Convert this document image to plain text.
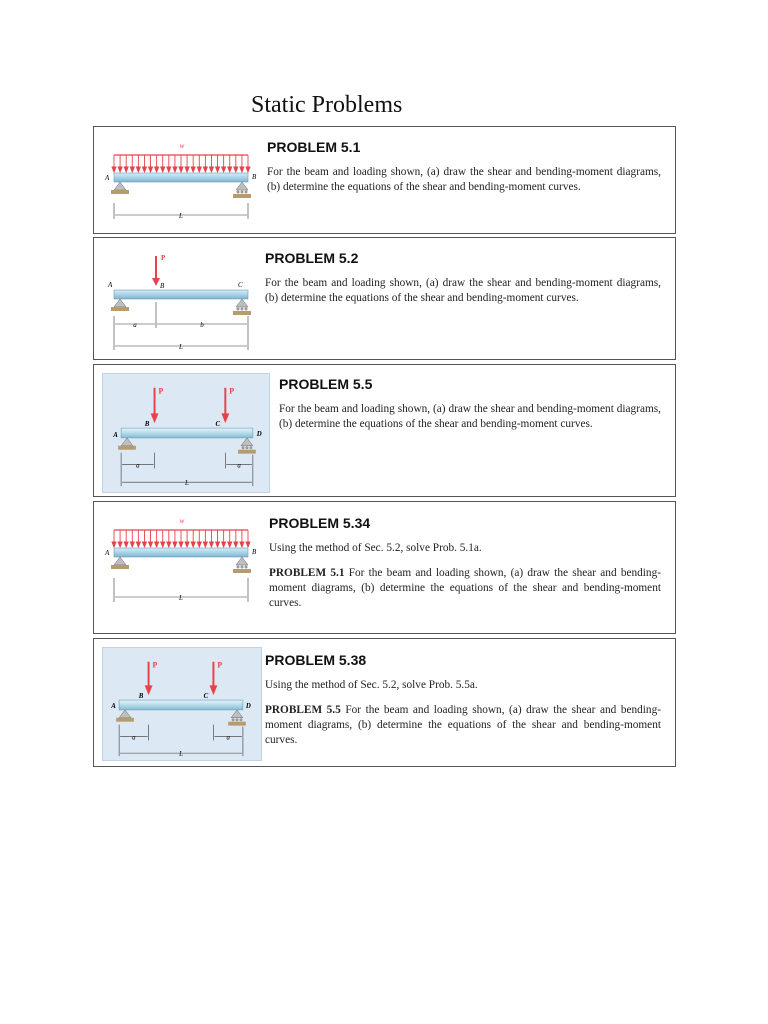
Static Problems
w
A	B
L
PROBLEM 5.1
For the beam and loading shown, (a) draw the shear and bending-moment diagrams, (b) determine the equations of the shear and bending-moment curves.
P
A	B	C
a	b
L
PROBLEM 5.2
For the beam and loading shown, (a) draw the shear and bending-moment diagrams, (b) determine the equations of the shear and bending-moment curves.
P	P
A
B	C
D
a	a
L
PROBLEM 5.5
For the beam and loading shown, (a) draw the shear and bending-moment diagrams, (b) determine the equations of the shear and bending-moment curves.
w
A	B
L
PROBLEM 5.34
Using the method of Sec. 5.2, solve Prob. 5.1a.
PROBLEM 5.1 For the beam and loading shown, (a) draw the shear and bending-moment diagrams, (b) determine the equations of the shear and bending-moment curves.
P	P
A
B	C
D
a	a
L
PROBLEM 5.38
Using the method of Sec. 5.2, solve Prob. 5.5a.
PROBLEM 5.5 For the beam and loading shown, (a) draw the shear and bending-moment diagrams, (b) determine the equations of the shear and bending-moment curves.
